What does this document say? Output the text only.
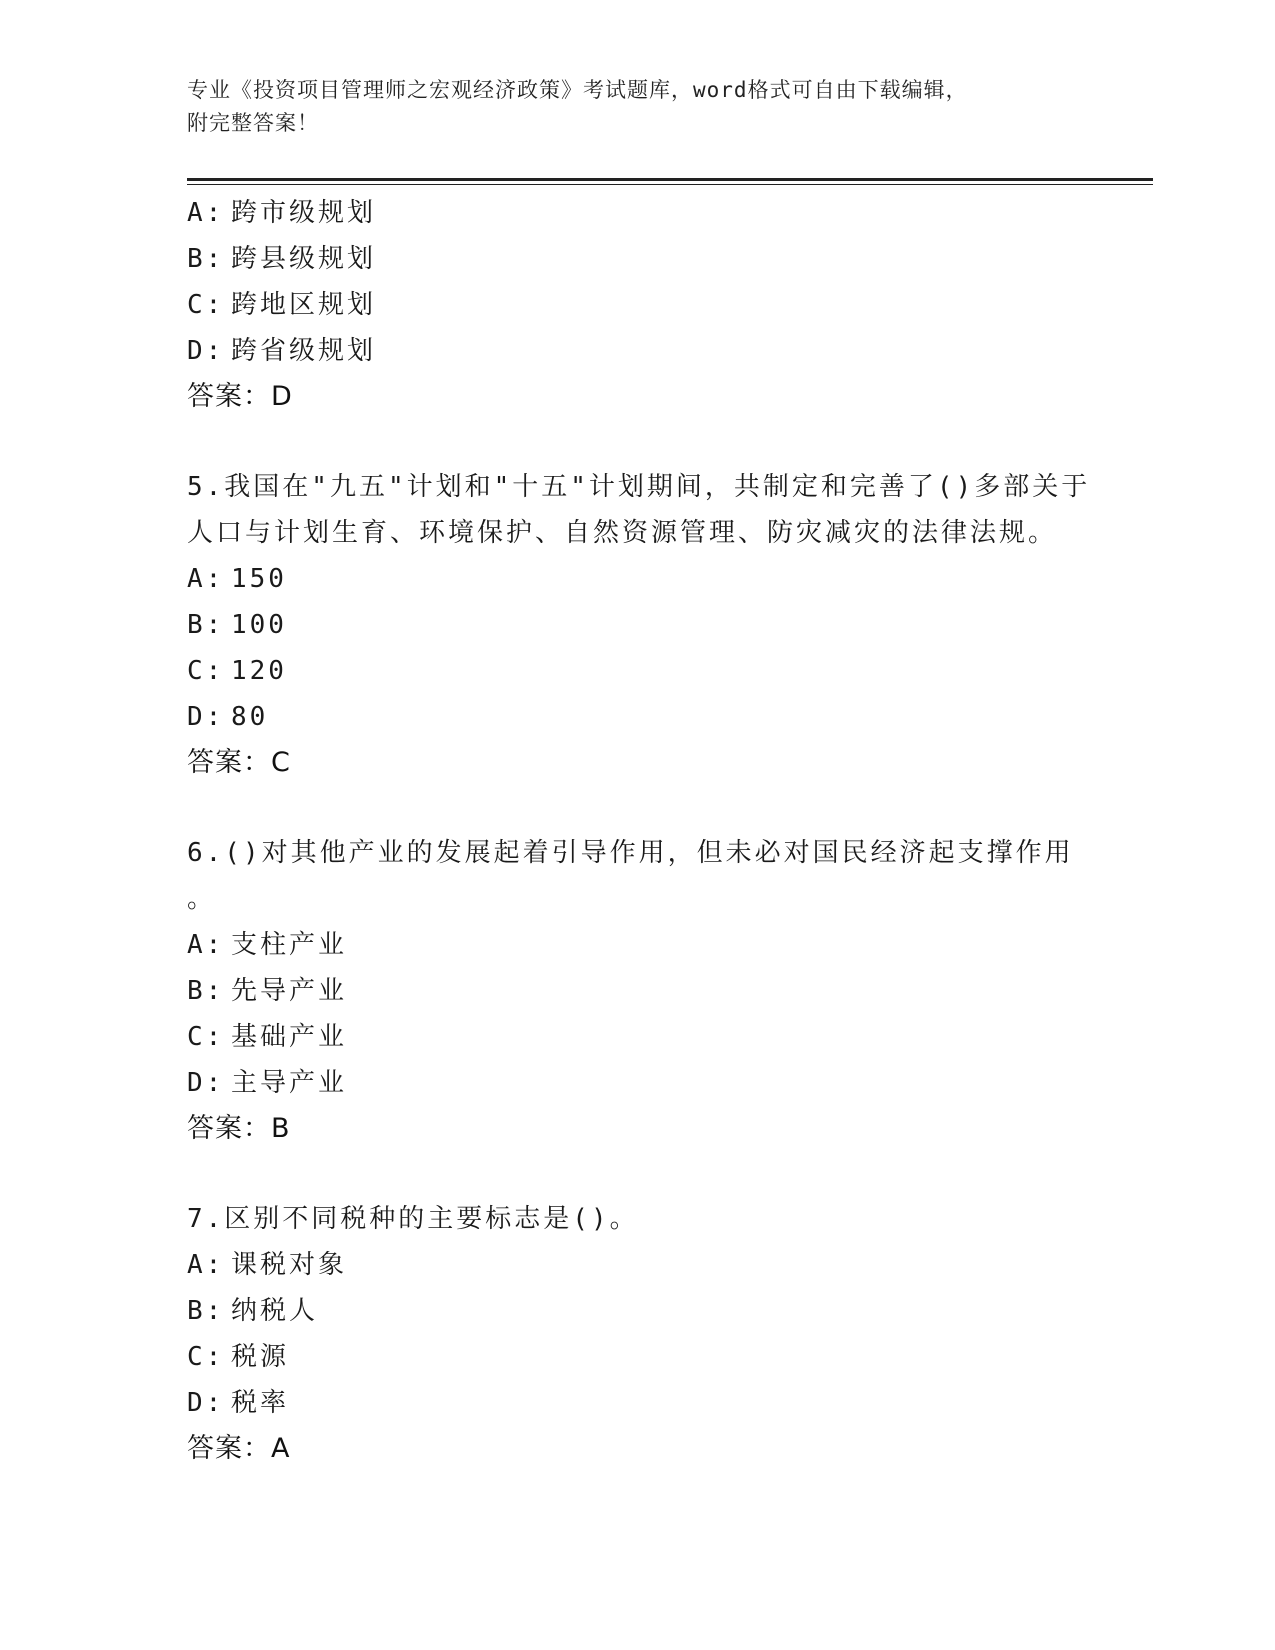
专业《投资项目管理师之宏观经济政策》考试题库，word格式可自由下载编辑，
附完整答案！
A: 跨市级规划
B: 跨县级规划
C: 跨地区规划
D: 跨省级规划
答案：D
5.我国在"九五"计划和"十五"计划期间，共制定和完善了()多部关于
人口与计划生育、环境保护、自然资源管理、防灾减灾的法律法规。
A: 150
B: 100
C: 120
D: 80
答案：C
6.()对其他产业的发展起着引导作用，但未必对国民经济起支撑作用
。
A: 支柱产业
B: 先导产业
C: 基础产业
D: 主导产业
答案：B
7.区别不同税种的主要标志是()。
A: 课税对象
B: 纳税人
C: 税源
D: 税率
答案：A
